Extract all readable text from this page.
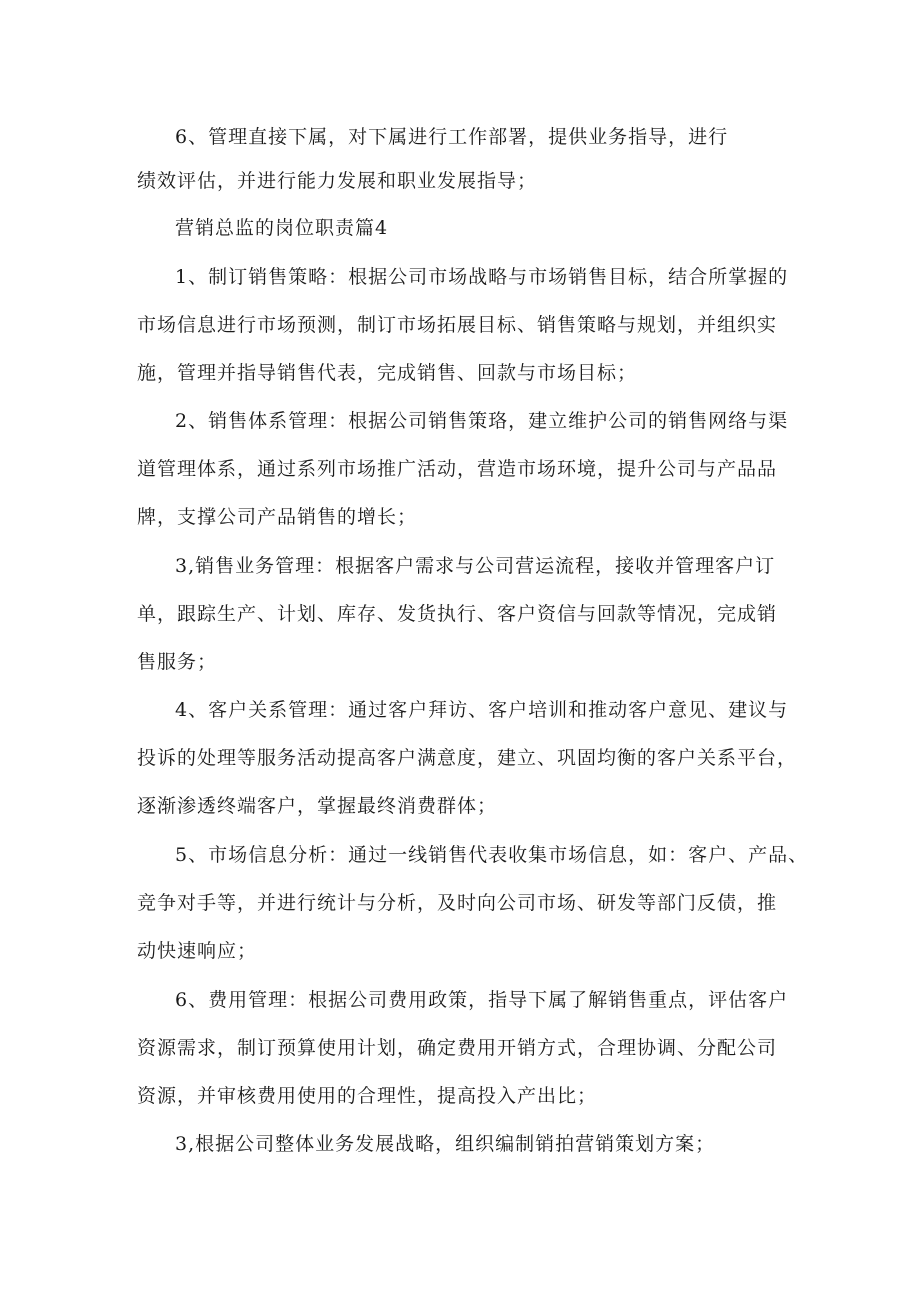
6、管理直接下属，对下属进行工作部署，提供业务指导，进行
绩效评估，并进行能力发展和职业发展指导；
营销总监的岗位职责篇4
1、制订销售策略：根据公司市场战略与市场销售目标，结合所掌握的
市场信息进行市场预测，制订市场拓展目标、销售策略与规划，并组织实
施，管理并指导销售代表，完成销售、回款与市场目标；
2、销售体系管理：根据公司销售策珞，建立维护公司的销售网络与渠
道管理体系，通过系列市场推广活动，营造市场环境，提升公司与产品品
牌，支撑公司产品销售的增长；
3,销售业务管理：根据客户需求与公司营运流程，接收并管理客户订
单，跟踪生产、计划、库存、发货执行、客户资信与回款等情况，完成销
售服务；
4、客户关系管理：通过客户拜访、客户培训和推动客户意见、建议与
投诉的处理等服务活动提高客户满意度，建立、巩固均衡的客户关系平台，
逐渐渗透终端客户，掌握最终消费群体；
5、市场信息分析：通过一线销售代表收集市场信息，如：客户、产品、
竞争对手等，并进行统计与分析，及时向公司市场、研发等部门反债，推
动快速响应；
6、费用管理：根据公司费用政策，指导下属了解销售重点，评估客户
资源需求，制订预算使用计划，确定费用开销方式，合理协调、分配公司
资源，并审核费用使用的合理性，提高投入产出比；
3,根据公司整体业务发展战略，组织编制销拍营销策划方案；
